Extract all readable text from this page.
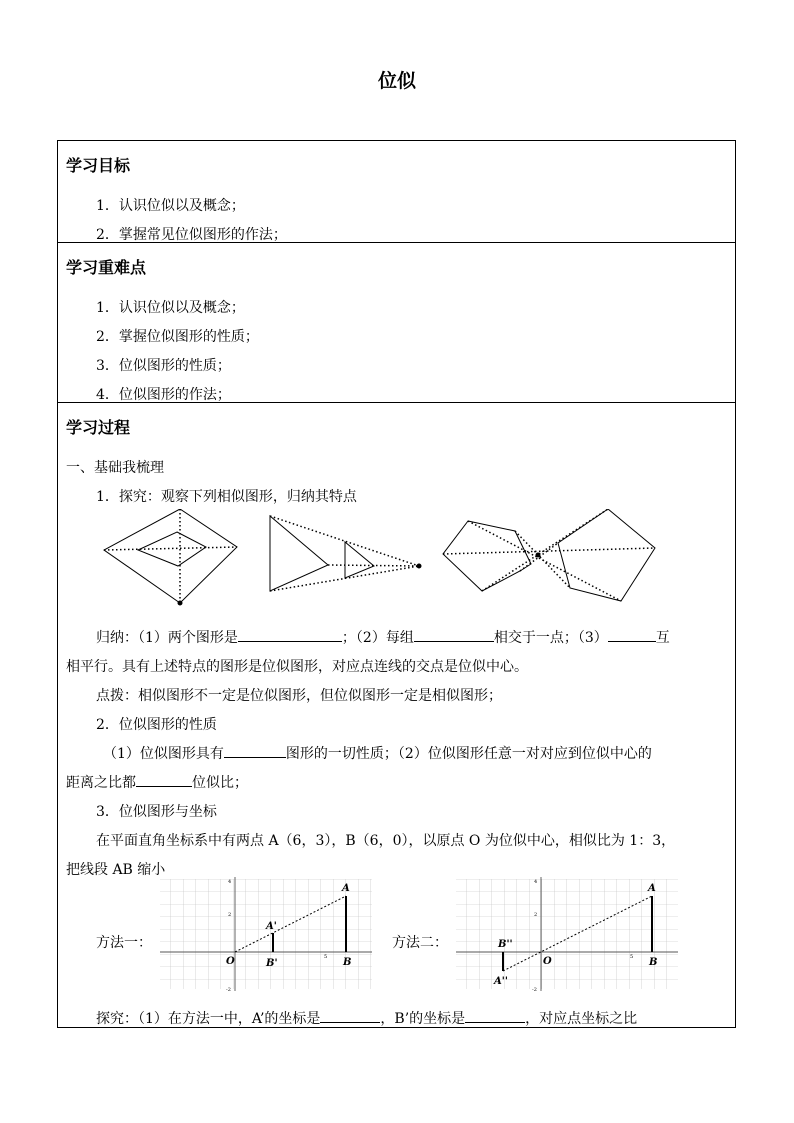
位似
学习目标
1．认识位似以及概念；
2．掌握常见位似图形的作法；
学习重难点
1．认识位似以及概念；
2．掌握位似图形的性质；
3．位似图形的性质；
4．位似图形的作法；
学习过程
一、基础我梳理
1．探究：观察下列相似图形，归纳其特点
归纳：（1）两个图形是	；（2）每组	相交于一点；（3）	互
相平行。具有上述特点的图形是位似图形，对应点连线的交点是位似中心。
点拨：相似图形不一定是位似图形，但位似图形一定是相似图形；
2．位似图形的性质
（1）位似图形具有	图形的一切性质；（2）位似图形任意一对对应到位似中心的
距离之比都	位似比；
3．位似图形与坐标
在平面直角坐标系中有两点 A（6，3），B（6，0），以原点 O 为位似中心，相似比为 1：3，
把线段 AB 缩小
方法一：	方法二：
A
B
A'
B'
O
4
2
5
-2
A
B
B''
A''
O
4
2
5
-2
探究：（1）在方法一中，A’的坐标是	，B’的坐标是	，对应点坐标之比
